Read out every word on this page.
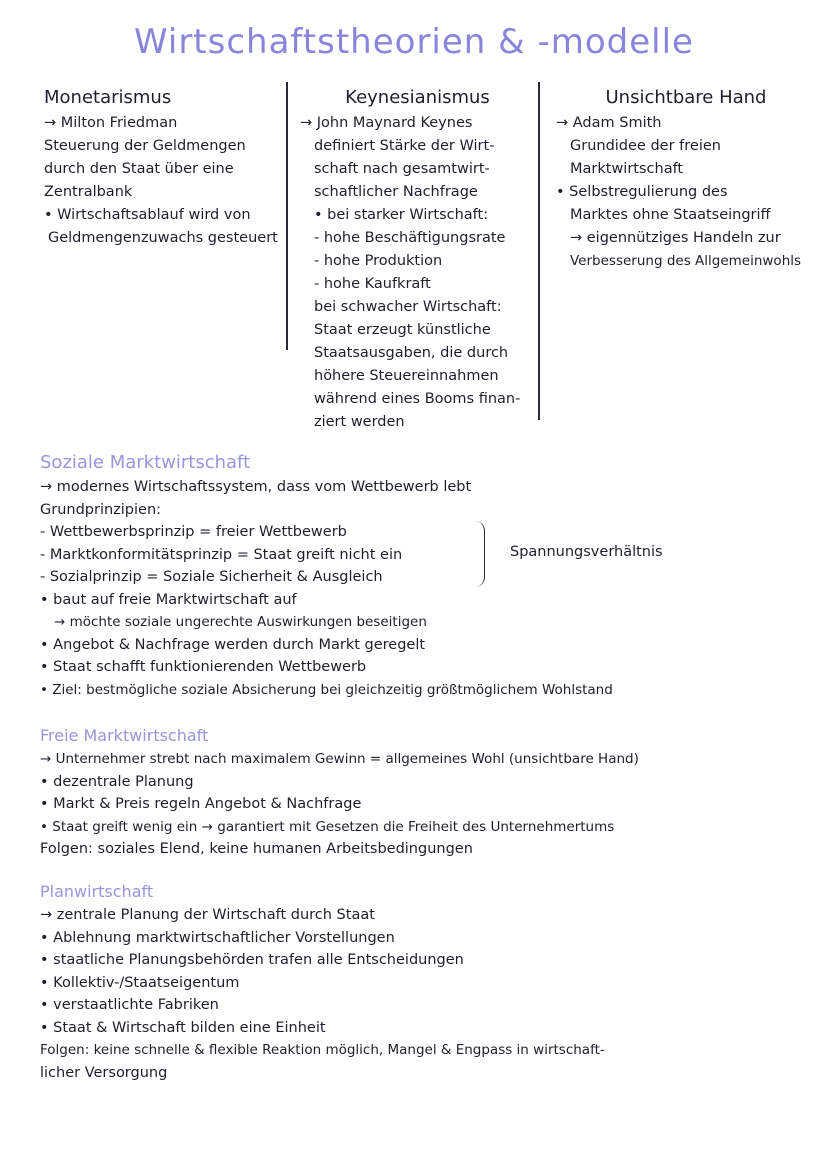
Wirtschaftstheorien & -modelle
Monetarismus
→ Milton Friedman
Steuerung der Geldmengen
durch den Staat über eine
Zentralbank
• Wirtschaftsablauf wird von
Geldmengenzuwachs gesteuert
Keynesianismus
→ John Maynard Keynes
definiert Stärke der Wirt-
schaft nach gesamtwirt-
schaftlicher Nachfrage
• bei starker Wirtschaft:
- hohe Beschäftigungsrate
- hohe Produktion
- hohe Kaufkraft
bei schwacher Wirtschaft:
Staat erzeugt künstliche
Staatsausgaben, die durch
höhere Steuereinnahmen
während eines Booms finan-
ziert werden
Unsichtbare Hand
→ Adam Smith
Grundidee der freien
Marktwirtschaft
• Selbstregulierung des
Marktes ohne Staatseingriff
→ eigennütziges Handeln zur
Verbesserung des Allgemeinwohls
Soziale Marktwirtschaft
→ modernes Wirtschaftssystem, dass vom Wettbewerb lebt
Grundprinzipien:
- Wettbewerbsprinzip = freier Wettbewerb
- Marktkonformitätsprinzip = Staat greift nicht ein
- Sozialprinzip = Soziale Sicherheit & Ausgleich
Spannungsverhältnis
• baut auf freie Marktwirtschaft auf
→ möchte soziale ungerechte Auswirkungen beseitigen
• Angebot & Nachfrage werden durch Markt geregelt
• Staat schafft funktionierenden Wettbewerb
• Ziel: bestmögliche soziale Absicherung bei gleichzeitig größtmöglichem Wohlstand
Freie Marktwirtschaft
→ Unternehmer strebt nach maximalem Gewinn = allgemeines Wohl (unsichtbare Hand)
• dezentrale Planung
• Markt & Preis regeln Angebot & Nachfrage
• Staat greift wenig ein → garantiert mit Gesetzen die Freiheit des Unternehmertums
Folgen: soziales Elend, keine humanen Arbeitsbedingungen
Planwirtschaft
→ zentrale Planung der Wirtschaft durch Staat
• Ablehnung marktwirtschaftlicher Vorstellungen
• staatliche Planungsbehörden trafen alle Entscheidungen
• Kollektiv-/Staatseigentum
• verstaatlichte Fabriken
• Staat & Wirtschaft bilden eine Einheit
Folgen: keine schnelle & flexible Reaktion möglich, Mangel & Engpass in wirtschaft-
licher Versorgung
